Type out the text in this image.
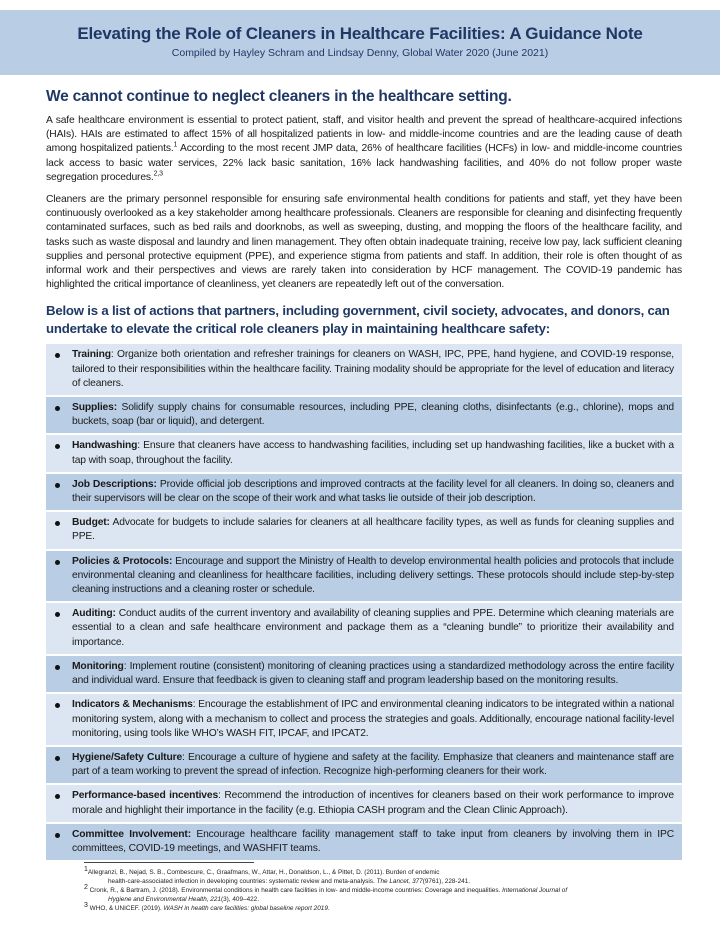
Elevating the Role of Cleaners in Healthcare Facilities: A Guidance Note
Compiled by Hayley Schram and Lindsay Denny, Global Water 2020 (June 2021)
We cannot continue to neglect cleaners in the healthcare setting.

A safe healthcare environment is essential to protect patient, staff, and visitor health and prevent the spread of healthcare-acquired infections (HAIs). HAIs are estimated to affect 15% of all hospitalized patients in low- and middle-income countries and are the leading cause of death among hospitalized patients.$^1$ According to the most recent JMP data, 26% of healthcare facilities (HCFs) in low- and middle-income countries lack access to basic water services, 22% lack basic sanitation, 16% lack handwashing facilities, and 40% do not follow proper waste segregation procedures.$^{2,3}$

Cleaners are the primary personnel responsible for ensuring safe environmental health conditions for patients and staff, yet they have been continuously overlooked as a key stakeholder among healthcare professionals. Cleaners are responsible for cleaning and disinfecting frequently contaminated surfaces, such as bed rails and doorknobs, as well as sweeping, dusting, and mopping the floors of the healthcare facility, and tasks such as waste disposal and laundry and linen management. They often obtain inadequate training, receive low pay, lack sufficient cleaning supplies and personal protective equipment (PPE), and experience stigma from patients and staff. In addition, their role is often thought of as informal work and their perspectives and views are rarely taken into consideration by HCF management. The COVID-19 pandemic has highlighted the critical importance of cleanliness, yet cleaners are repeatedly left out of the conversation.

Below is a list of actions that partners, including government, civil society, advocates, and donors, can undertake to elevate the critical role cleaners play in maintaining healthcare safety:
Training: Organize both orientation and refresher trainings for cleaners on WASH, IPC, PPE, hand hygiene, and COVID-19 response, tailored to their responsibilities within the healthcare facility. Training modality should be appropriate for the level of education and literacy of cleaners.
Supplies: Solidify supply chains for consumable resources, including PPE, cleaning cloths, disinfectants (e.g., chlorine), mops and buckets, soap (bar or liquid), and detergent.
Handwashing: Ensure that cleaners have access to handwashing facilities, including set up handwashing facilities, like a bucket with a tap with soap, throughout the facility.
Job Descriptions: Provide official job descriptions and improved contracts at the facility level for all cleaners. In doing so, cleaners and their supervisors will be clear on the scope of their work and what tasks lie outside of their job description.
Budget: Advocate for budgets to include salaries for cleaners at all healthcare facility types, as well as funds for cleaning supplies and PPE.
Policies & Protocols: Encourage and support the Ministry of Health to develop environmental health policies and protocols that include environmental cleaning and cleanliness for healthcare facilities, including delivery settings. These protocols should include step-by-step cleaning instructions and a cleaning roster or schedule.
Auditing: Conduct audits of the current inventory and availability of cleaning supplies and PPE. Determine which cleaning materials are essential to a clean and safe healthcare environment and package them as a “cleaning bundle” to prioritize their availability and importance.
Monitoring: Implement routine (consistent) monitoring of cleaning practices using a standardized methodology across the entire facility and individual ward. Ensure that feedback is given to cleaning staff and program leadership based on the monitoring results.
Indicators & Mechanisms: Encourage the establishment of IPC and environmental cleaning indicators to be integrated within a national monitoring system, along with a mechanism to collect and process the strategies and goals. Additionally, encourage national facility-level monitoring, using tools like WHO’s WASH FIT, IPCAF, and IPCAT2.
Hygiene/Safety Culture: Encourage a culture of hygiene and safety at the facility. Emphasize that cleaners and maintenance staff are part of a team working to prevent the spread of infection. Recognize high-performing cleaners for their work.
Performance-based incentives: Recommend the introduction of incentives for cleaners based on their work performance to improve morale and highlight their importance in the facility (e.g. Ethiopia CASH program and the Clean Clinic Approach).
Committee Involvement: Encourage healthcare facility management staff to take input from cleaners by involving them in IPC committees, COVID-19 meetings, and WASHFIT teams.

$^1$Allegranzi, B., Nejad, S. B., Combescure, C., Graafmans, W., Attar, H., Donaldson, L., & Pittet, D. (2011). Burden of endemic
health-care-associated infection in developing countries: systematic review and meta-analysis. The Lancet, 377(9761), 228-241.

$^2$ Cronk, R., & Bartram, J. (2018). Environmental conditions in health care facilities in low- and middle-income countries: Coverage and inequalities. International Journal of
Hygiene and Environmental Health, 221(3), 409–422.

$^3$ WHO, & UNICEF. (2019). WASH in health care facilities: global baseline report 2019.
